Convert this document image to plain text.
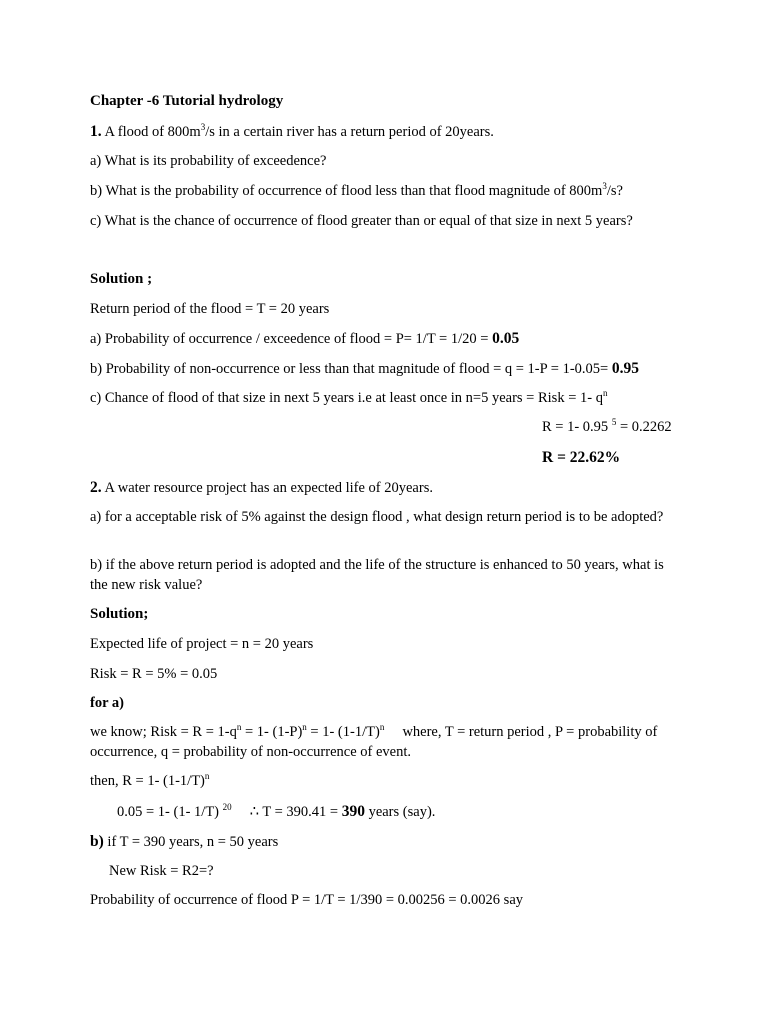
Chapter -6 Tutorial hydrology
1. A flood of $800m^3/s$ in a certain river has a return period of 20years.
a) What is its probability of exceedence?
b) What is the probability of occurrence of flood less than that flood magnitude of $800m^3/s$?
c) What is the chance of occurrence of flood greater than or equal of that size in next 5 years?
Solution ;
Return period of the flood = T = 20 years
a) Probability of occurrence / exceedence of flood = P= 1/T = 1/20 = 0.05
b) Probability of non-occurrence or less than that magnitude of flood = q = 1-P = 1-0.05= 0.95
c) Chance of flood of that size in next 5 years i.e at least once in n=5 years = Risk = 1- $q^n$
R = 1- 0.95 $^5$ = 0.2262
R = 22.62%
2. A water resource project has an expected life of 20years.
a) for a acceptable risk of 5% against the design flood , what design return period is to be adopted?
b) if the above return period is adopted and the life of the structure is enhanced to 50 years, what is the new risk value?
Solution;
Expected life of project = n = 20 years
Risk = R = 5% = 0.05
for a)
we know; Risk = $R = 1-q^n = 1-$ $(1-P)^n = 1-$ $(1-1/T)^n$     where, T = return period , P = probability of occurrence, q = probability of non-occurrence of event.
then, R = 1- $(1-1/T)^n$
0.05 = 1- (1- 1/T) $^{20}$     ∴ T = 390.41 = 390 years (say).
b) if T = 390 years, n = 50 years
New Risk = R2=?
Probability of occurrence of flood P = 1/T = 1/390 = 0.00256 = 0.0026 say
